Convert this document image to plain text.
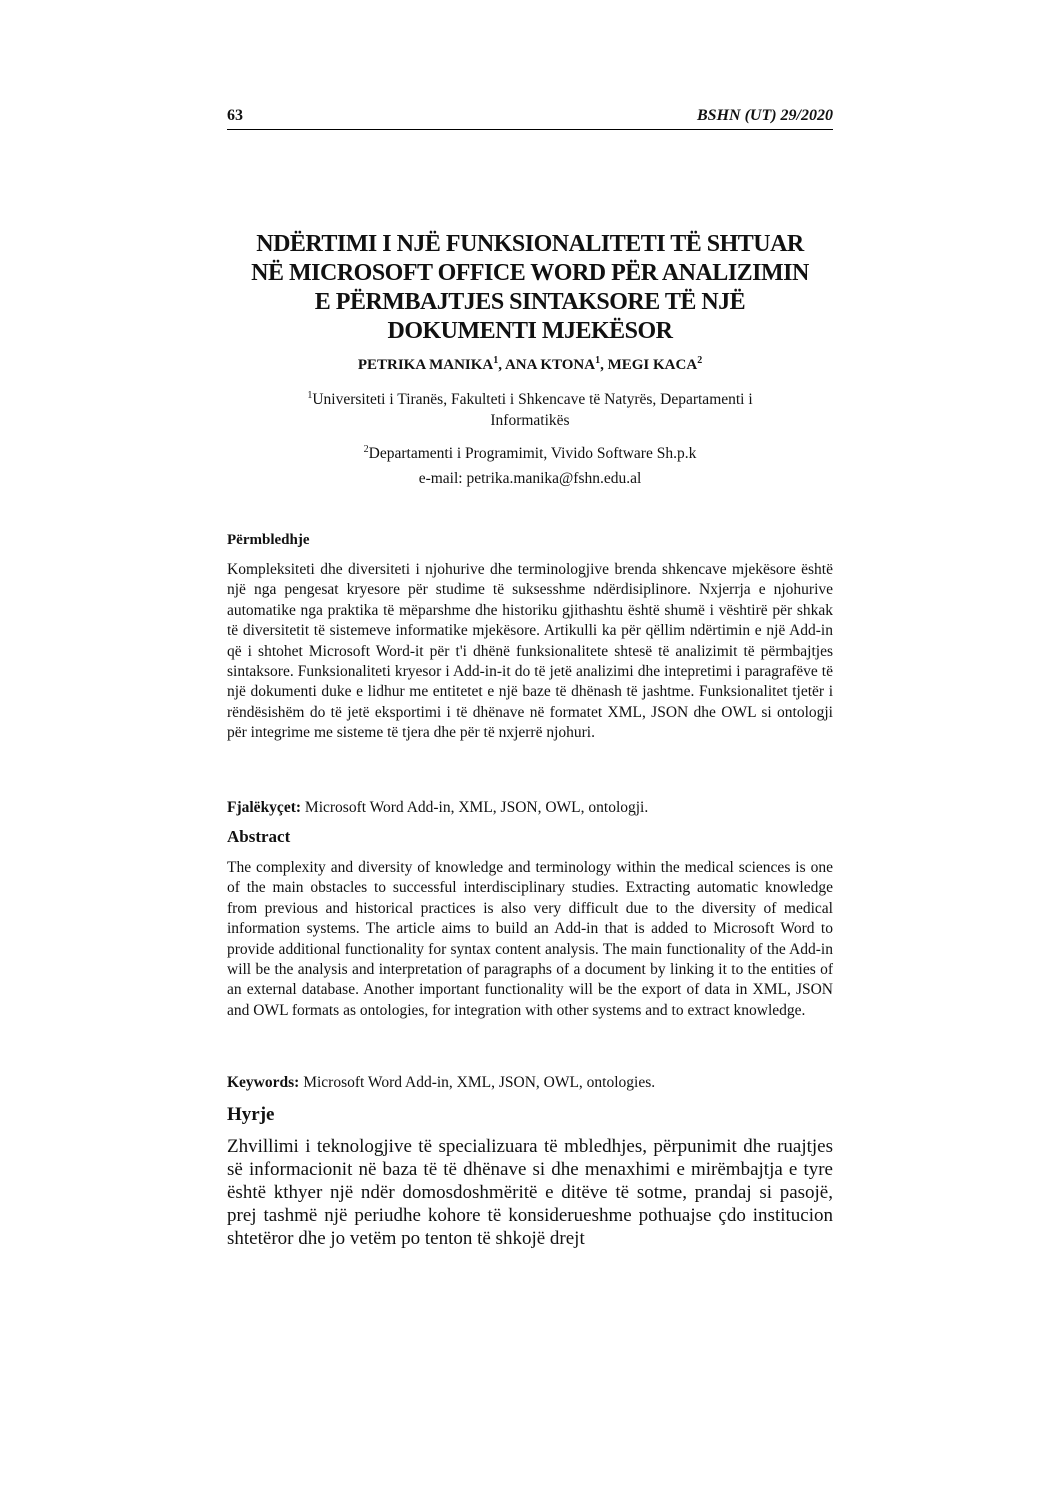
63	BSHN (UT) 29/2020
NDËRTIMI I NJË FUNKSIONALITETI TË SHTUAR
NË MICROSOFT OFFICE WORD PËR ANALIZIMIN
E PËRMBAJTJES SINTAKSORE TË NJË
DOKUMENTI MJEKËSOR
PETRIKA MANIKA$^1$, ANA KTONA$^1$, MEGI KACA$^2$
$^1$Universiteti i Tiranës, Fakulteti i Shkencave të Natyrës, Departamenti i Informatikës
$^2$Departamenti i Programimit, Vivido Software Sh.p.k
e-mail: petrika.manika@fshn.edu.al
Përmbledhje
Kompleksiteti dhe diversiteti i njohurive dhe terminologjive brenda shkencave mjekësore është një nga pengesat kryesore për studime të suksesshme ndërdisiplinore. Nxjerrja e njohurive automatike nga praktika të mëparshme dhe historiku gjithashtu është shumë i vështirë për shkak të diversitetit të sistemeve informatike mjekësore. Artikulli ka për qëllim ndërtimin e një Add-in që i shtohet Microsoft Word-it për t'i dhënë funksionalitete shtesë të analizimit të përmbajtjes sintaksore. Funksionaliteti kryesor i Add-in-it do të jetë analizimi dhe intepretimi i paragrafëve të një dokumenti duke e lidhur me entitetet e një baze të dhënash të jashtme. Funksionalitet tjetër i rëndësishëm do të jetë eksportimi i të dhënave në formatet XML, JSON dhe OWL si ontologji për integrime me sisteme të tjera dhe për të nxjerrë njohuri.
Fjalëkyçet: Microsoft Word Add-in, XML, JSON, OWL, ontologji.
Abstract
The complexity and diversity of knowledge and terminology within the medical sciences is one of the main obstacles to successful interdisciplinary studies. Extracting automatic knowledge from previous and historical practices is also very difficult due to the diversity of medical information systems. The article aims to build an Add-in that is added to Microsoft Word to provide additional functionality for syntax content analysis. The main functionality of the Add-in will be the analysis and interpretation of paragraphs of a document by linking it to the entities of an external database. Another important functionality will be the export of data in XML, JSON and OWL formats as ontologies, for integration with other systems and to extract knowledge.
Keywords: Microsoft Word Add-in, XML, JSON, OWL, ontologies.
Hyrje
Zhvillimi i teknologjive të specializuara të mbledhjes, përpunimit dhe ruajtjes së informacionit në baza të të dhënave si dhe menaxhimi e mirëmbajtja e tyre është kthyer një ndër domosdoshmëritë e ditëve të sotme, prandaj si pasojë, prej tashmë një periudhe kohore të konsiderueshme pothuajse çdo institucion shtetëror dhe jo vetëm po tenton të shkojë drejt
